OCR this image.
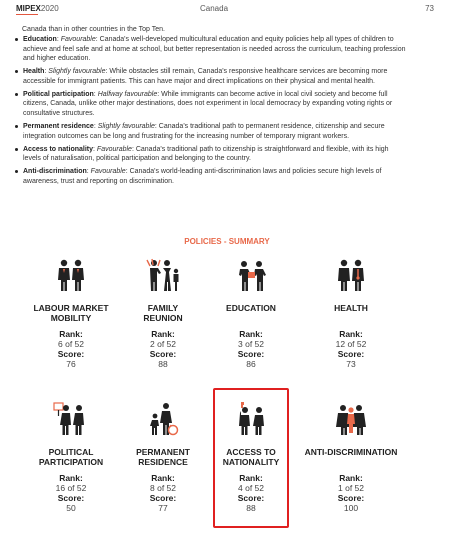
MIPEX2020	Canada	73
Canada than in other countries in the Top Ten.
Education: Favourable: Canada's well-developed multicultural education and equity policies help all types of children to achieve and feel safe and at home at school, but better representation is needed across the curriculum, teaching profession and higher education.
Health: Slightly favourable: While obstacles still remain, Canada's responsive healthcare services are becoming more accessible for immigrant patients. This can have major and direct implications on their physical and mental health.
Political participation: Halfway favourable: While immigrants can become active in local civil society and become full citizens, Canada, unlike other major destinations, does not experiment in local democracy by expanding voting rights or consultative structures.
Permanent residence: Slightly favourable: Canada's traditional path to permanent residence, citizenship and secure integration outcomes can be long and frustrating for the increasing number of temporary migrant workers.
Access to nationality: Favourable: Canada's traditional path to citizenship is straightforward and flexible, with its high levels of naturalisation, political participation and belonging to the country.
Anti-discrimination: Favourable: Canada's world-leading anti-discrimination laws and policies secure high levels of awareness, trust and reporting on discrimination.
POLICIES - SUMMARY
LABOUR MARKET
MOBILITY
Rank:
6 of 52
Score:
76
FAMILY
REUNION
Rank:
2 of 52
Score:
88
EDUCATION

Rank:
3 of 52
Score:
86
HEALTH

Rank:
12 of 52
Score:
73
POLITICAL
PARTICIPATION
Rank:
16 of 52
Score:
50
PERMANENT
RESIDENCE
Rank:
8 of 52
Score:
77
ACCESS TO
NATIONALITY
Rank:
4 of 52
Score:
88
ANTI-DISCRIMINATION

Rank:
1 of 52
Score:
100
